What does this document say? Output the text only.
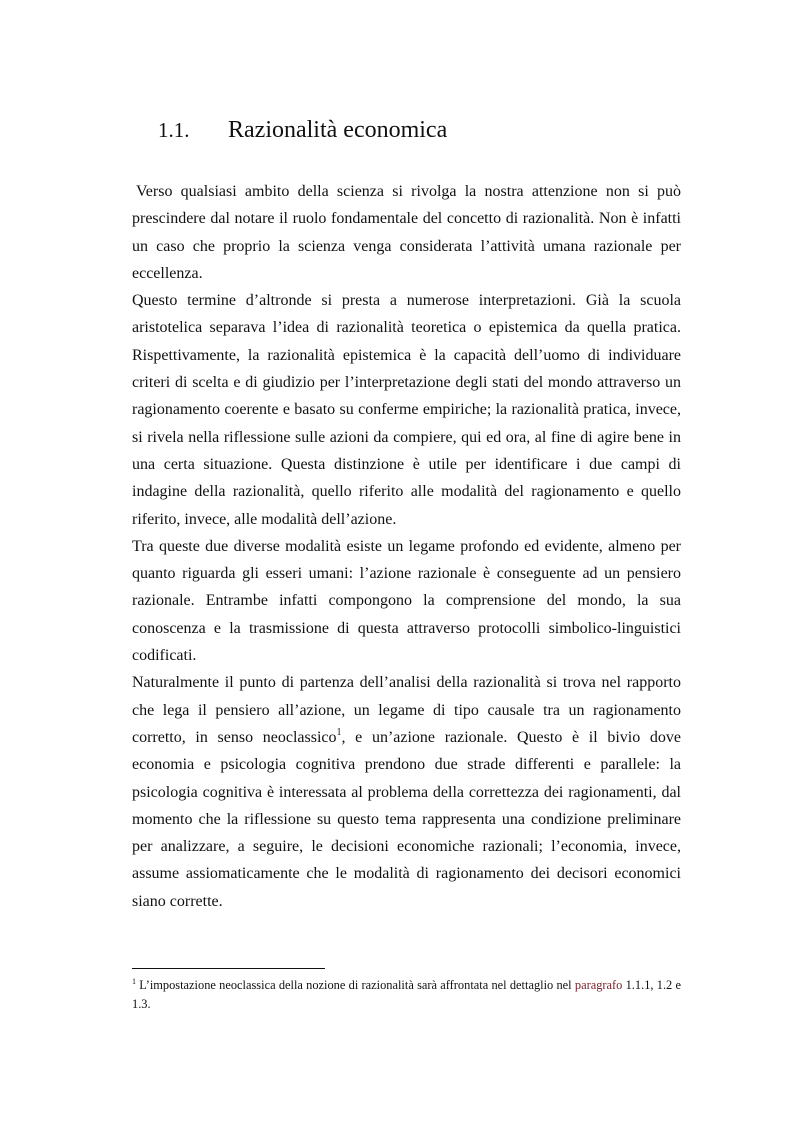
1.1. Razionalità economica

Verso qualsiasi ambito della scienza si rivolga la nostra attenzione non si può prescindere dal notare il ruolo fondamentale del concetto di razionalità. Non è infatti un caso che proprio la scienza venga considerata l’attività umana razionale per eccellenza.

Questo termine d’altronde si presta a numerose interpretazioni. Già la scuola aristotelica separava l’idea di razionalità teoretica o epistemica da quella pratica. Rispettivamente, la razionalità epistemica è la capacità dell’uomo di individuare criteri di scelta e di giudizio per l’interpretazione degli stati del mondo attraverso un ragionamento coerente e basato su conferme empiriche; la razionalità pratica, invece, si rivela nella riflessione sulle azioni da compiere, qui ed ora, al fine di agire bene in una certa situazione. Questa distinzione è utile per identificare i due campi di indagine della razionalità, quello riferito alle modalità del ragionamento e quello riferito, invece, alle modalità dell’azione.

Tra queste due diverse modalità esiste un legame profondo ed evidente, almeno per quanto riguarda gli esseri umani: l’azione razionale è conseguente ad un pensiero razionale. Entrambe infatti compongono la comprensione del mondo, la sua conoscenza e la trasmissione di questa attraverso protocolli simbolico-linguistici codificati.

Naturalmente il punto di partenza dell’analisi della razionalità si trova nel rapporto che lega il pensiero all’azione, un legame di tipo causale tra un ragionamento corretto, in senso neoclassico$^1$, e un’azione razionale. Questo è il bivio dove economia e psicologia cognitiva prendono due strade differenti e parallele: la psicologia cognitiva è interessata al problema della correttezza dei ragionamenti, dal momento che la riflessione su questo tema rappresenta una condizione preliminare per analizzare, a seguire, le decisioni economiche razionali; l’economia, invece, assume assiomaticamente che le modalità di ragionamento dei decisori economici siano corrette.

$^1$ L’impostazione neoclassica della nozione di razionalità sarà affrontata nel dettaglio nel paragrafo 1.1.1, 1.2 e 1.3.
